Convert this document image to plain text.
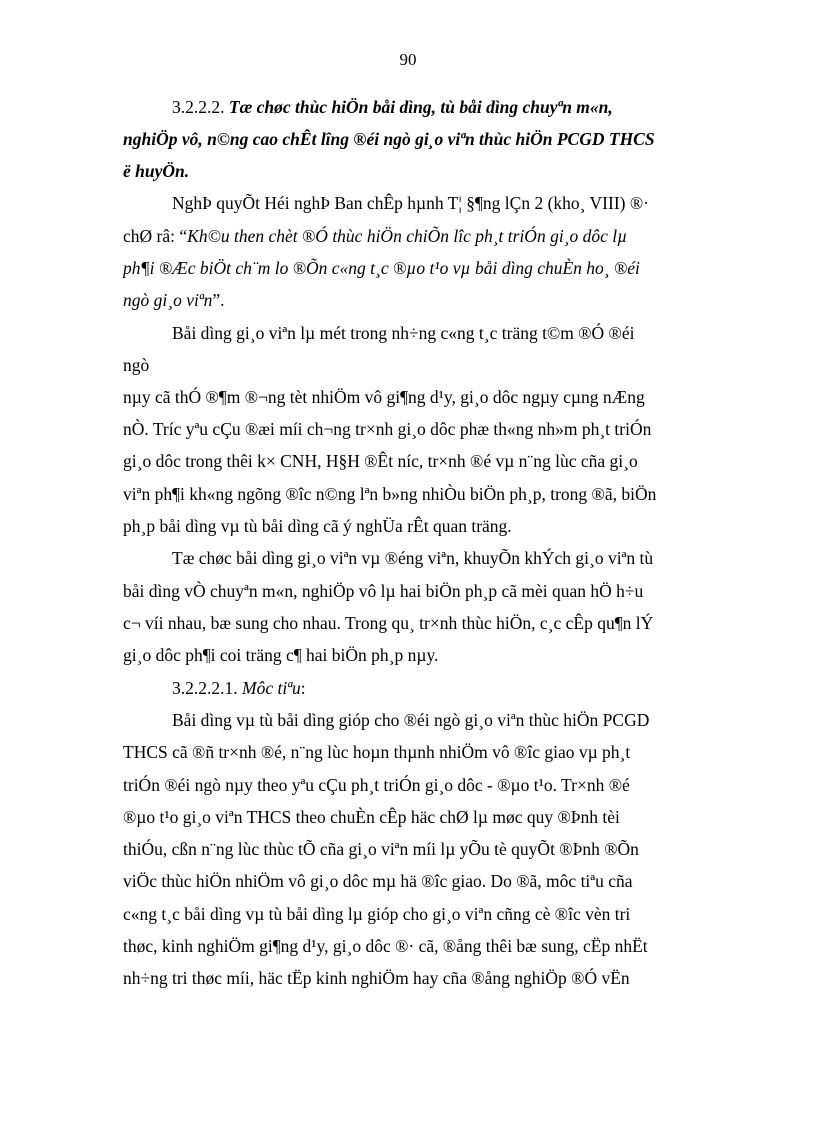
90
3.2.2.2. Tæ chøc thùc hiÖn båi dìng, tù båi dìng chuyªn m«n,
nghiÖp vô, n©ng cao chÊt lîng ®éi ngò gi¸o viªn thùc hiÖn PCGD THCS
ë huyÖn.
NghÞ quyÕt Héi nghÞ Ban chÊp hµnh T¦ §¶ng lÇn 2 (kho¸ VIII) ®·
chØ râ: “Kh©u then chèt ®Ó thùc hiÖn chiÕn lîc ph¸t triÓn gi¸o dôc lµ
ph¶i ®Æc biÖt ch¨m lo ®Õn c«ng t¸c ®µo t¹o vµ båi dìng chuÈn ho¸ ®éi
ngò gi¸o viªn”.
Båi dìng gi¸o viªn lµ mét trong nh÷ng c«ng t¸c träng t©m ®Ó ®éi
ngò
nµy cã thÓ ®¶m ®¬ng tèt nhiÖm vô gi¶ng d¹y, gi¸o dôc ngµy cµng nÆng
nÒ. Tríc yªu cÇu ®æi míi ch¬ng tr×nh gi¸o dôc phæ th«ng nh»m ph¸t triÓn
gi¸o dôc trong thêi k× CNH, H§H ®Êt níc, tr×nh ®é vµ n¨ng lùc cña gi¸o
viªn ph¶i kh«ng ngõng ®îc n©ng lªn b»ng nhiÒu biÖn ph¸p, trong ®ã, biÖn
ph¸p båi dìng vµ tù båi dìng cã ý nghÜa rÊt quan träng.
Tæ chøc båi dìng gi¸o viªn vµ ®éng viªn, khuyÕn khÝch gi¸o viªn tù
båi dìng vÒ chuyªn m«n, nghiÖp vô lµ hai biÖn ph¸p cã mèi quan hÖ h÷u
c¬ víi nhau, bæ sung cho nhau. Trong qu¸ tr×nh thùc hiÖn, c¸c cÊp qu¶n lÝ
gi¸o dôc ph¶i coi träng c¶ hai biÖn ph¸p nµy.
3.2.2.2.1. Môc tiªu:
Båi dìng vµ tù båi dìng gióp cho ®éi ngò gi¸o viªn thùc hiÖn PCGD
THCS cã ®ñ tr×nh ®é, n¨ng lùc hoµn thµnh nhiÖm vô ®îc giao vµ ph¸t
triÓn ®éi ngò nµy theo yªu cÇu ph¸t triÓn gi¸o dôc - ®µo t¹o. Tr×nh ®é
®µo t¹o gi¸o viªn THCS theo chuÈn cÊp häc chØ lµ møc quy ®Þnh tèi
thiÓu, cßn n¨ng lùc thùc tÕ cña gi¸o viªn míi lµ yÕu tè quyÕt ®Þnh ®Õn
viÖc thùc hiÖn nhiÖm vô gi¸o dôc mµ hä ®îc giao. Do ®ã, môc tiªu cña
c«ng t¸c båi dìng vµ tù båi dìng lµ gióp cho gi¸o viªn cñng cè ®îc vèn tri
thøc, kinh nghiÖm gi¶ng d¹y, gi¸o dôc ®· cã, ®ång thêi bæ sung, cËp nhËt
nh÷ng tri thøc míi, häc tËp kinh nghiÖm hay cña ®ång nghiÖp ®Ó vËn
